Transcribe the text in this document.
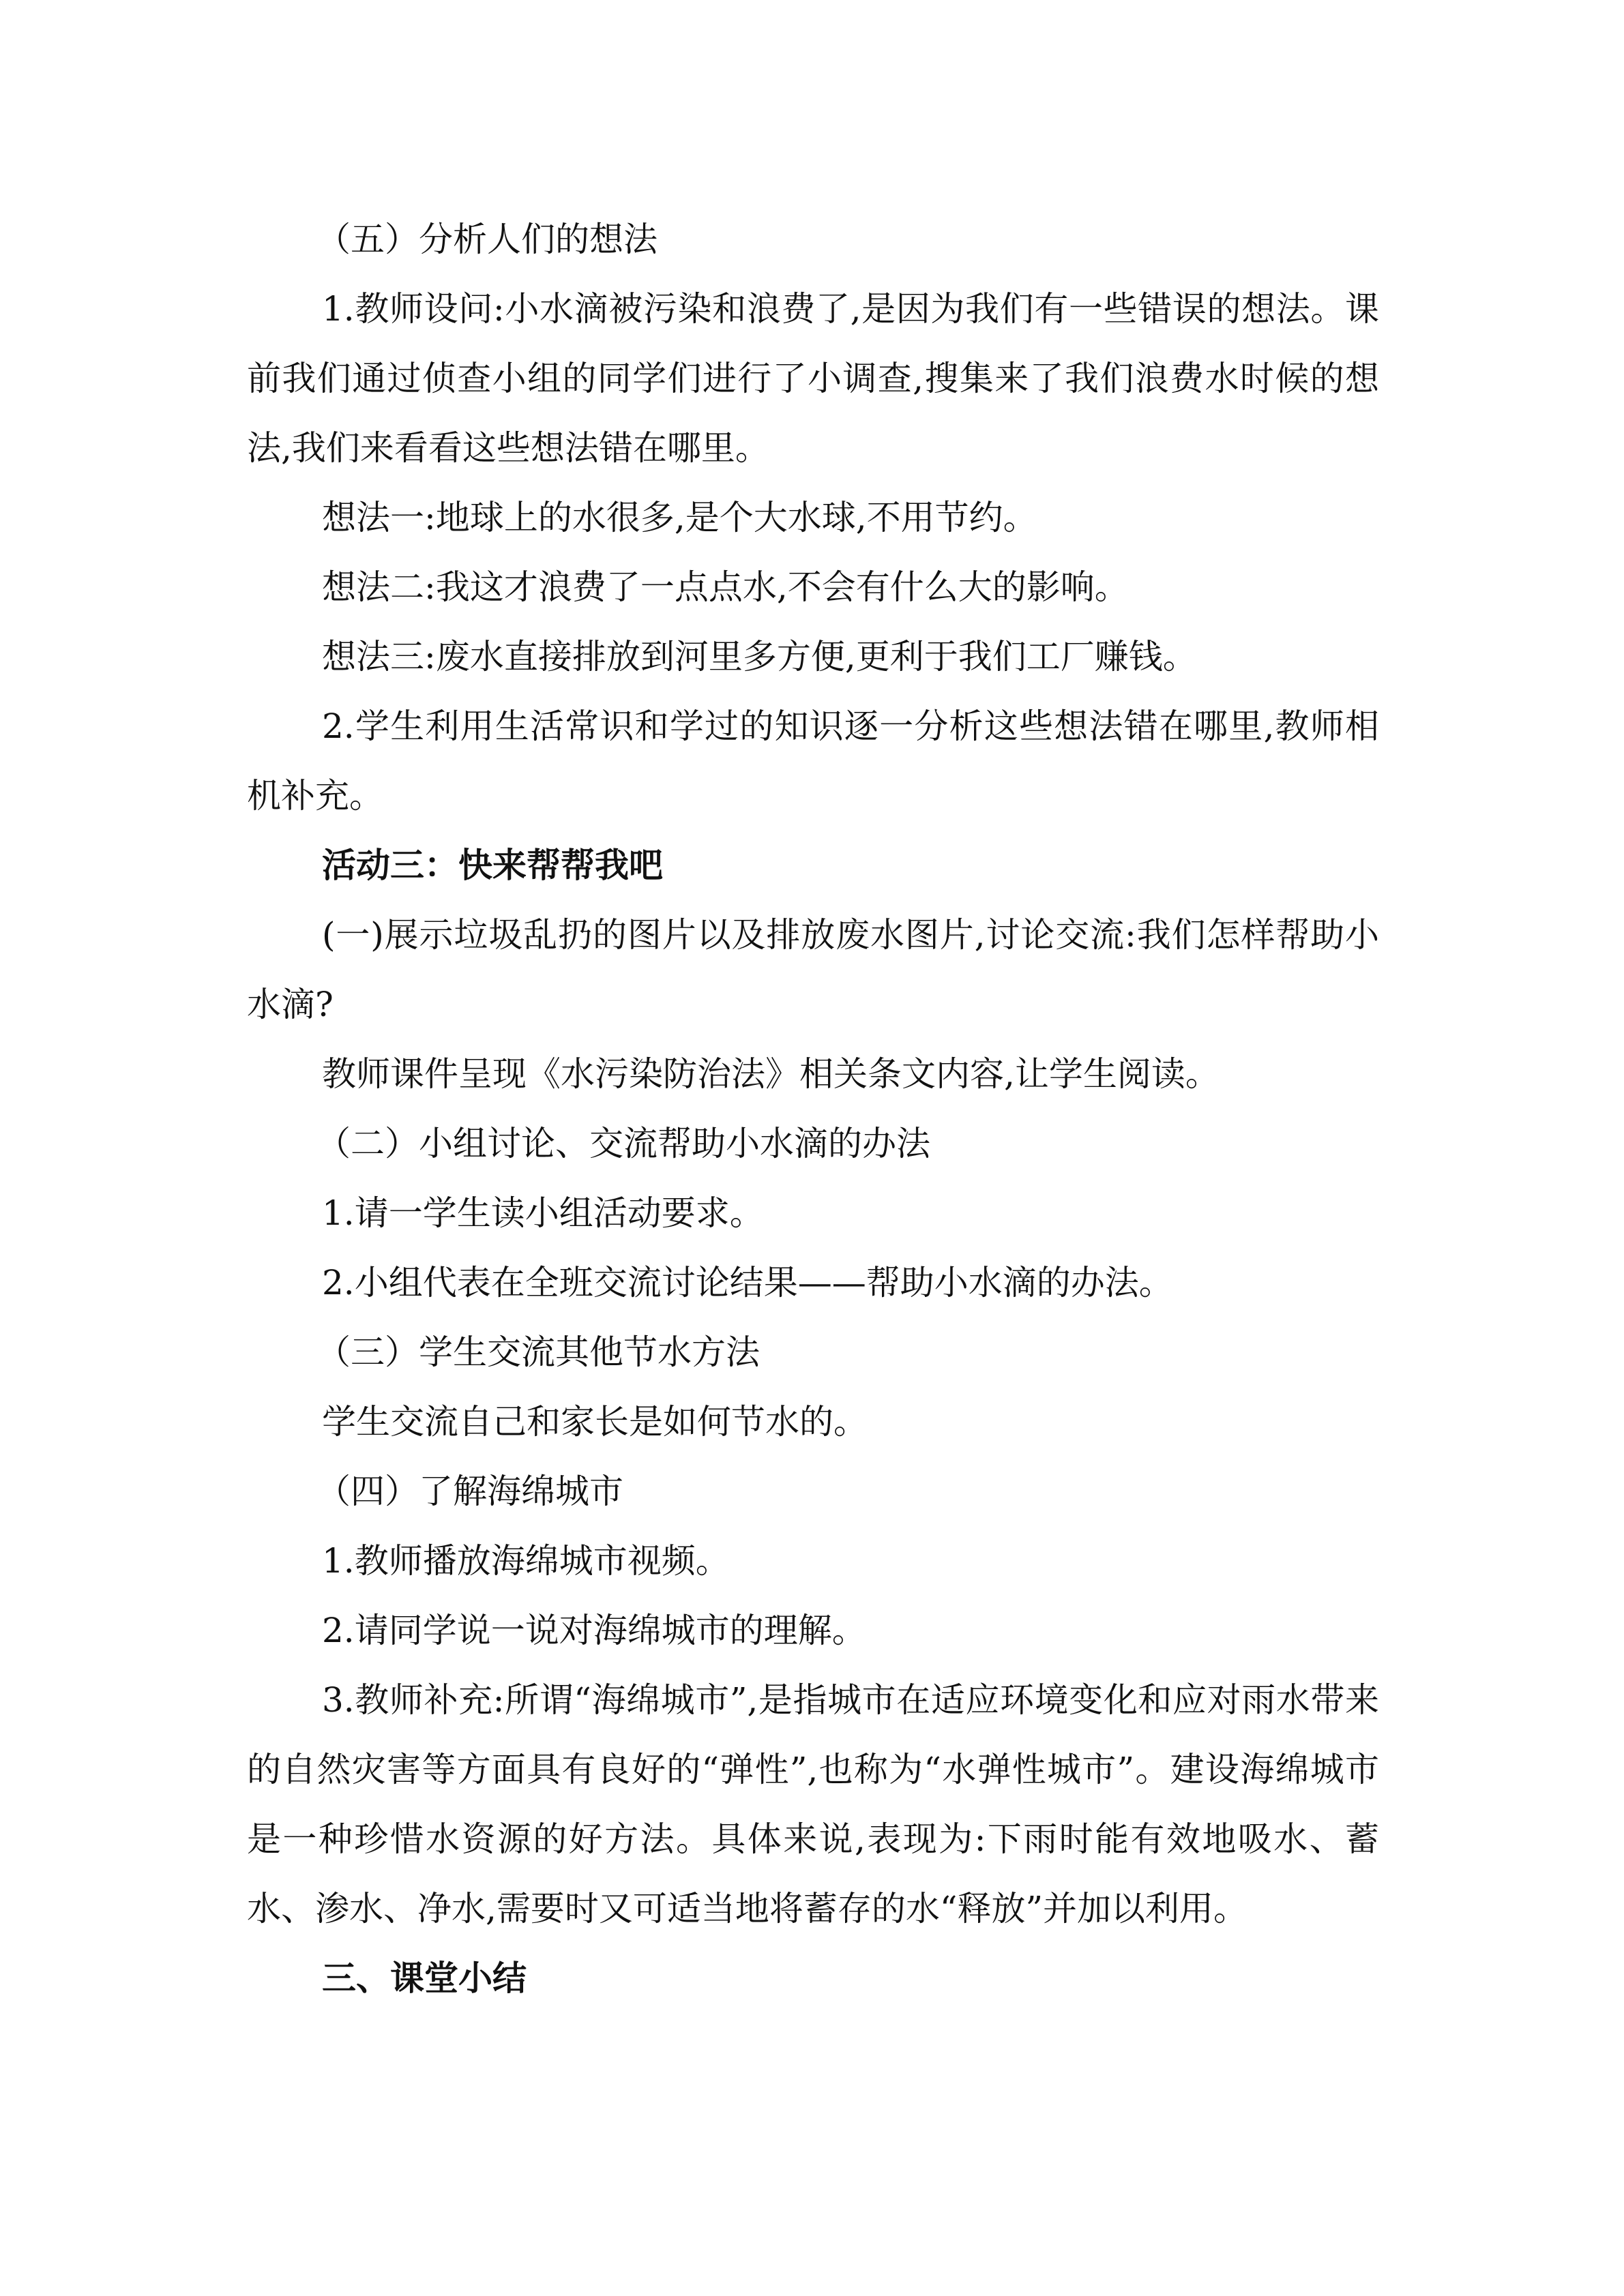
（五）分析人们的想法

1.教师设问:小水滴被污染和浪费了,是因为我们有一些错误的想法。课前我们通过侦查小组的同学们进行了小调查,搜集来了我们浪费水时候的想法,我们来看看这些想法错在哪里。

想法一:地球上的水很多,是个大水球,不用节约。

想法二:我这才浪费了一点点水,不会有什么大的影响。

想法三:废水直接排放到河里多方便,更利于我们工厂赚钱。

2.学生利用生活常识和学过的知识逐一分析这些想法错在哪里,教师相机补充。

活动三：快来帮帮我吧

(一)展示垃圾乱扔的图片以及排放废水图片,讨论交流:我们怎样帮助小水滴?

教师课件呈现《水污染防治法》相关条文内容,让学生阅读。

（二）小组讨论、交流帮助小水滴的办法

1.请一学生读小组活动要求。

2.小组代表在全班交流讨论结果——帮助小水滴的办法。

（三）学生交流其他节水方法

学生交流自己和家长是如何节水的。

（四）了解海绵城市

1.教师播放海绵城市视频。

2.请同学说一说对海绵城市的理解。

3.教师补充:所谓“海绵城市”,是指城市在适应环境变化和应对雨水带来的自然灾害等方面具有良好的“弹性”,也称为“水弹性城市”。建设海绵城市是一种珍惜水资源的好方法。具体来说,表现为:下雨时能有效地吸水、蓄水、渗水、净水,需要时又可适当地将蓄存的水“释放”并加以利用。

三、课堂小结
